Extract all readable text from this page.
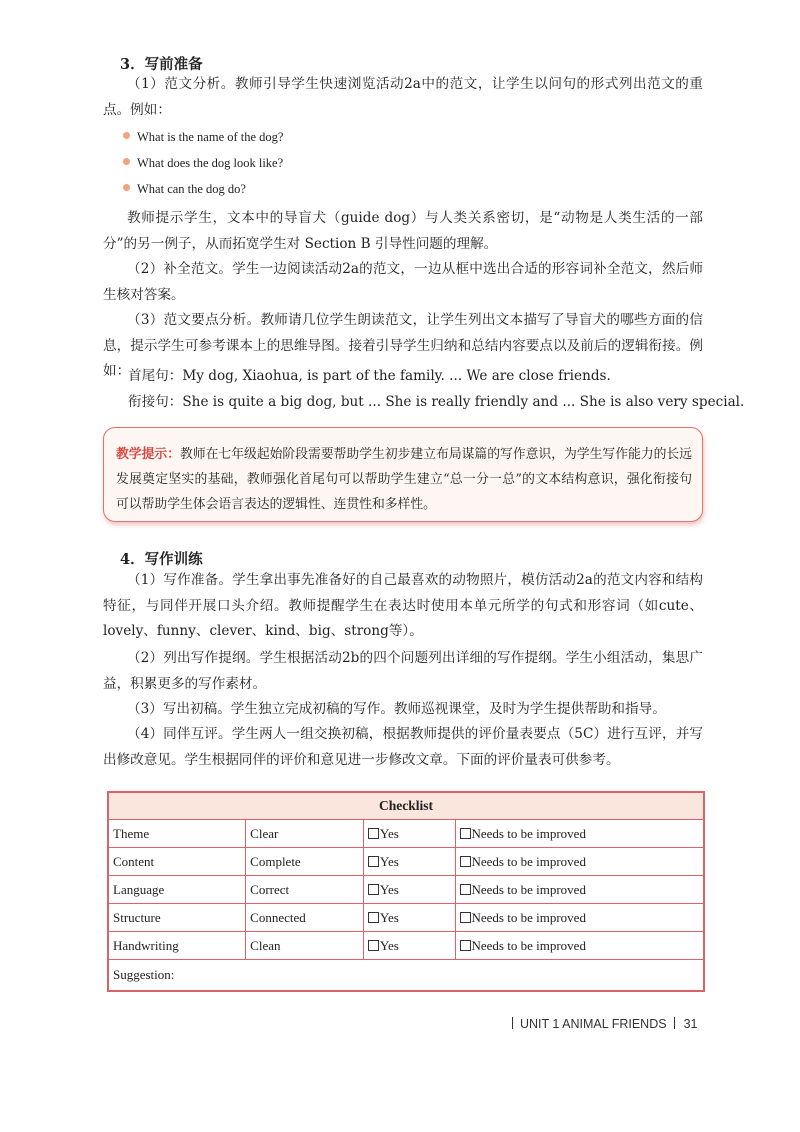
3．写前准备
（1）范文分析。教师引导学生快速浏览活动2a中的范文，让学生以问句的形式列出范文的重点。例如：
What is the name of the dog?
What does the dog look like?
What can the dog do?
教师提示学生，文本中的导盲犬（guide dog）与人类关系密切，是“动物是人类生活的一部分”的另一例子，从而拓宽学生对 Section B 引导性问题的理解。
（2）补全范文。学生一边阅读活动2a的范文，一边从框中选出合适的形容词补全范文，然后师生核对答案。
（3）范文要点分析。教师请几位学生朗读范文，让学生列出文本描写了导盲犬的哪些方面的信息，提示学生可参考课本上的思维导图。接着引导学生归纳和总结内容要点以及前后的逻辑衔接。例如：
首尾句：My dog, Xiaohua, is part of the family. ... We are close friends.
衔接句：She is quite a big dog, but ... She is really friendly and ... She is also very special.
教学提示：教师在七年级起始阶段需要帮助学生初步建立布局谋篇的写作意识，为学生写作能力的长远发展奠定坚实的基础，教师强化首尾句可以帮助学生建立“总一分一总”的文本结构意识，强化衔接句可以帮助学生体会语言表达的逻辑性、连贯性和多样性。
4．写作训练
（1）写作准备。学生拿出事先准备好的自己最喜欢的动物照片，模仿活动2a的范文内容和结构特征，与同伴开展口头介绍。教师提醒学生在表达时使用本单元所学的句式和形容词（如cute、lovely、funny、clever、kind、big、strong等）。
（2）列出写作提纲。学生根据活动2b的四个问题列出详细的写作提纲。学生小组活动，集思广益，积累更多的写作素材。
（3）写出初稿。学生独立完成初稿的写作。教师巡视课堂，及时为学生提供帮助和指导。
（4）同伴互评。学生两人一组交换初稿，根据教师提供的评价量表要点（5C）进行互评，并写出修改意见。学生根据同伴的评价和意见进一步修改文章。下面的评价量表可供参考。
Checklist			
Theme	Clear	Yes	Needs to be improved
Content	Complete	Yes	Needs to be improved
Language	Correct	Yes	Needs to be improved
Structure	Connected	Yes	Needs to be improved
Handwriting	Clean	Yes	Needs to be improved
Suggestion:			
UNIT 1 ANIMAL FRIENDS 31
